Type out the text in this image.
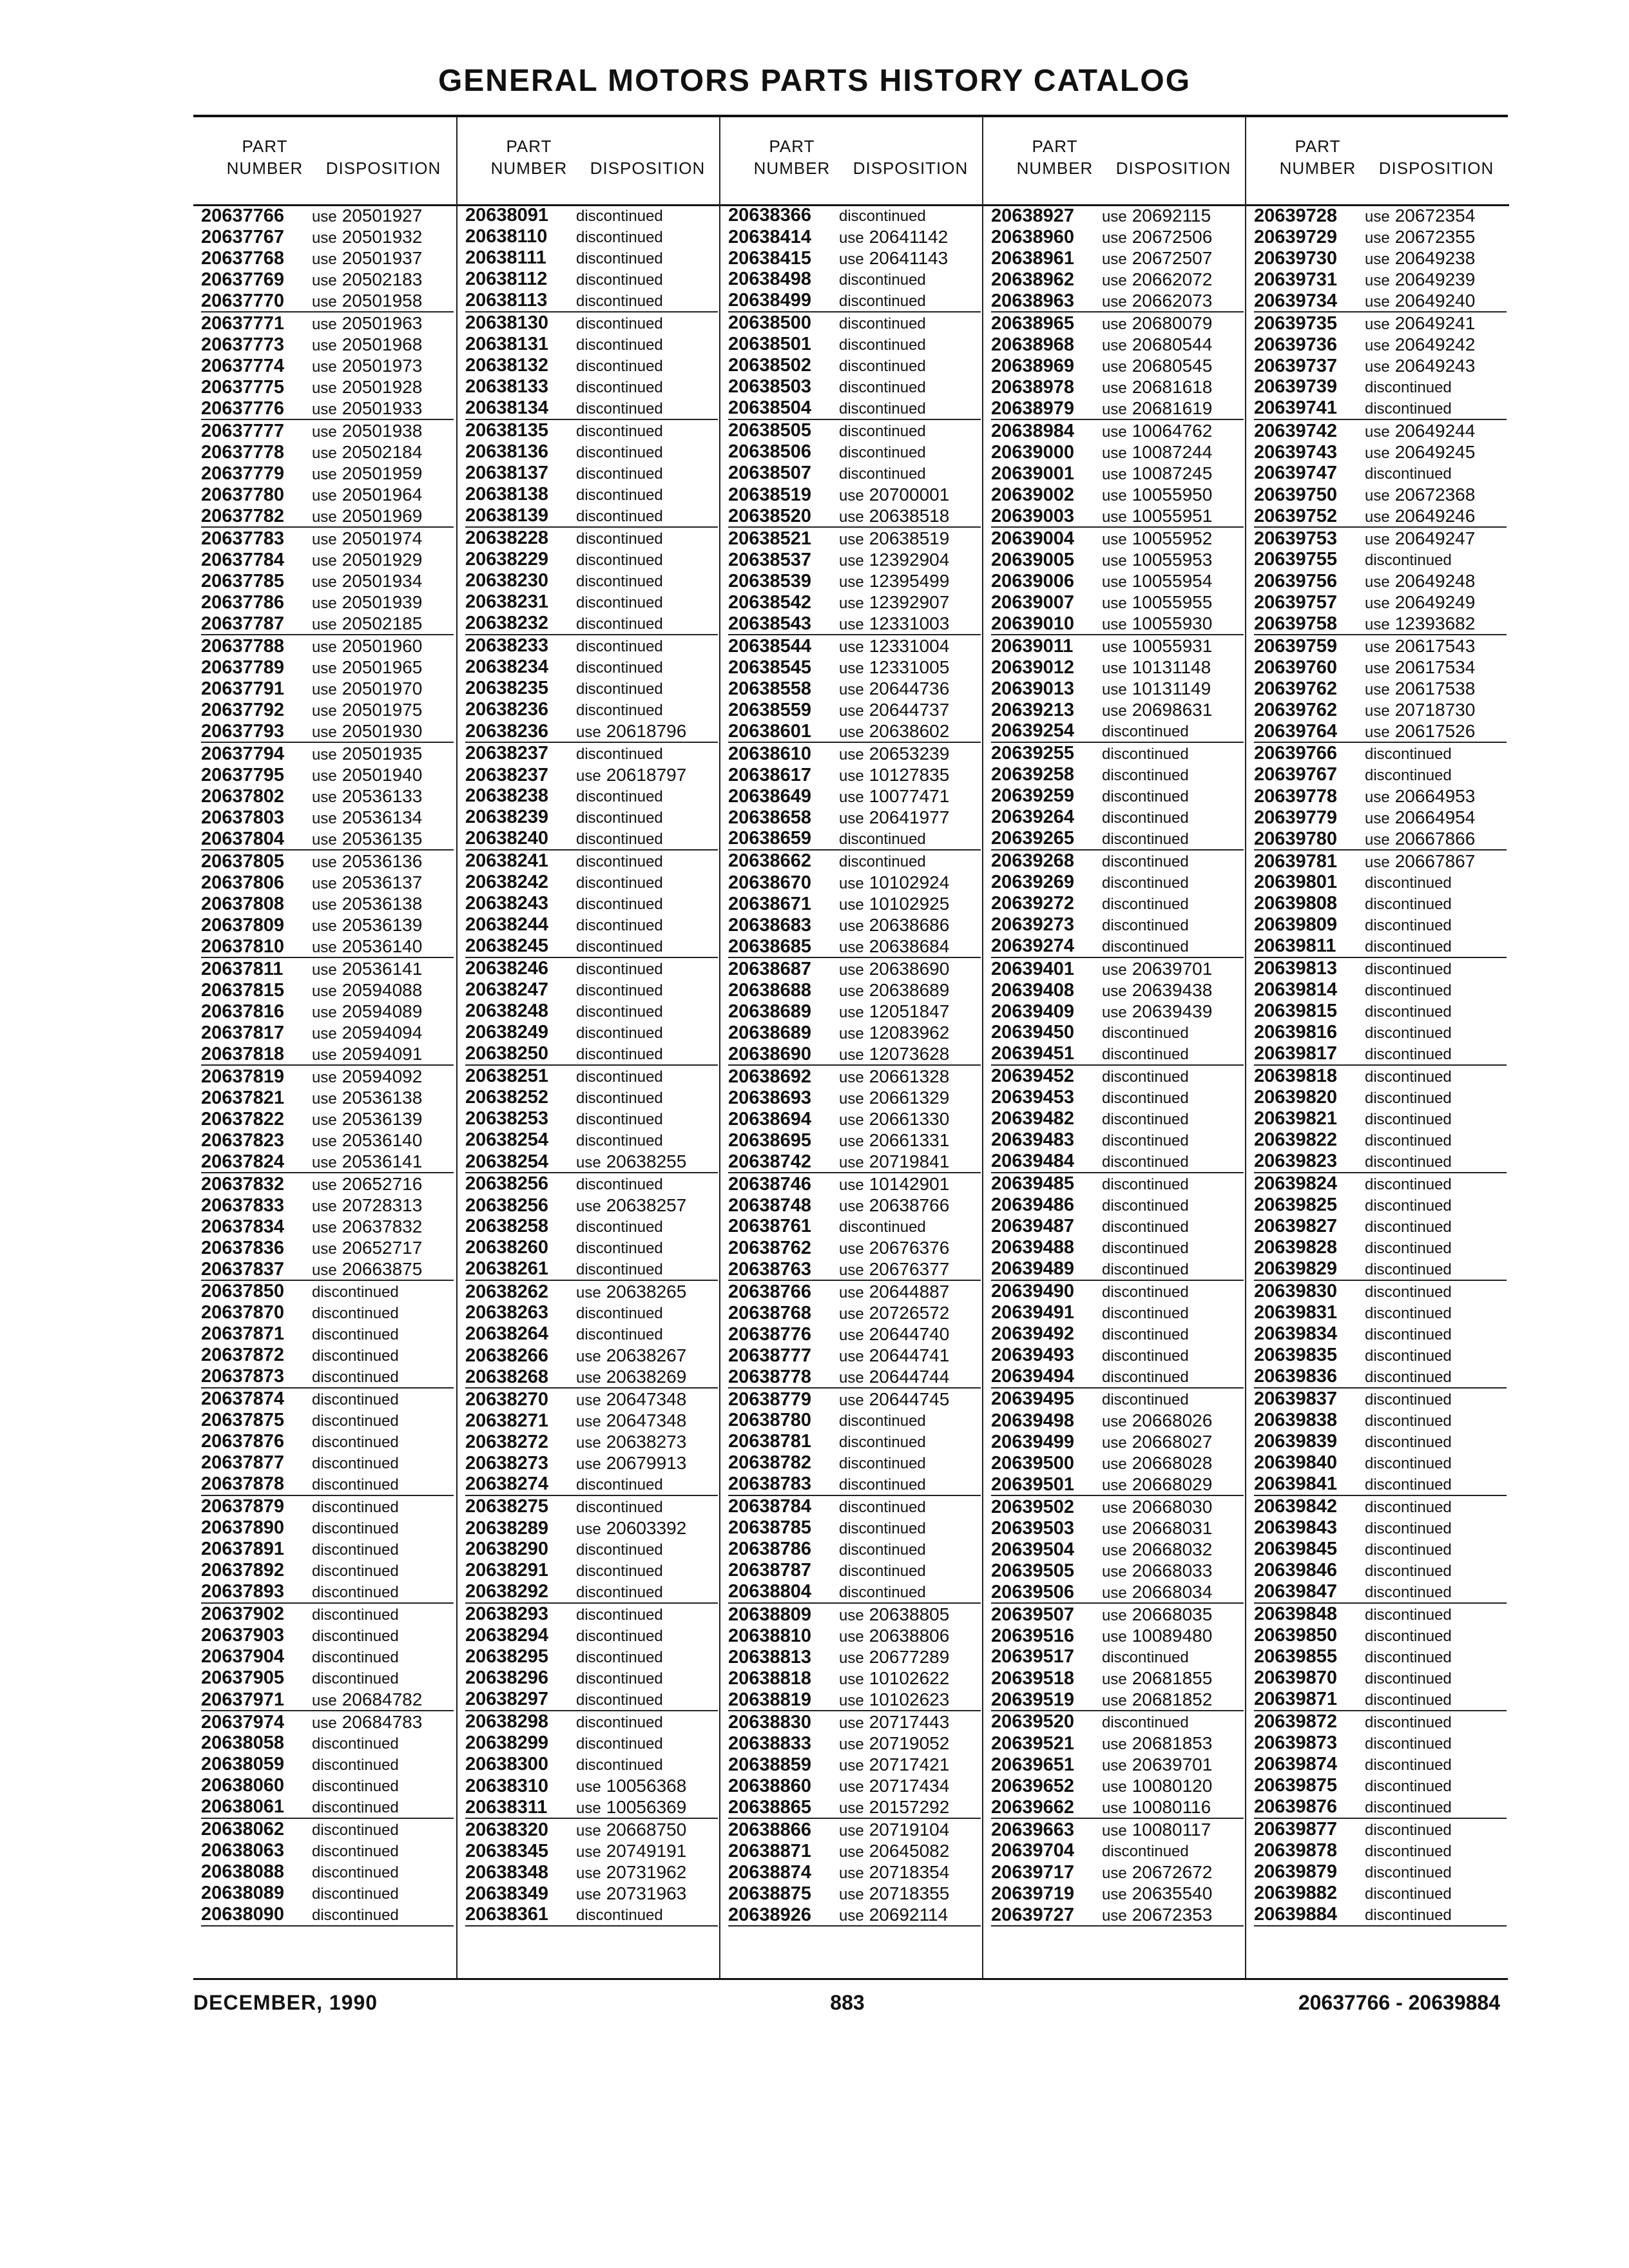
GENERAL MOTORS PARTS HISTORY CATALOG
PART
NUMBER	DISPOSITION
20637766 use 20501927
20637767 use 20501932
20637768 use 20501937
20637769 use 20502183
20637770 use 20501958
20637771 use 20501963
20637773 use 20501968
20637774 use 20501973
20637775 use 20501928
20637776 use 20501933
20637777 use 20501938
20637778 use 20502184
20637779 use 20501959
20637780 use 20501964
20637782 use 20501969
20637783 use 20501974
20637784 use 20501929
20637785 use 20501934
20637786 use 20501939
20637787 use 20502185
20637788 use 20501960
20637789 use 20501965
20637791 use 20501970
20637792 use 20501975
20637793 use 20501930
20637794 use 20501935
20637795 use 20501940
20637802 use 20536133
20637803 use 20536134
20637804 use 20536135
20637805 use 20536136
20637806 use 20536137
20637808 use 20536138
20637809 use 20536139
20637810 use 20536140
20637811 use 20536141
20637815 use 20594088
20637816 use 20594089
20637817 use 20594094
20637818 use 20594091
20637819 use 20594092
20637821 use 20536138
20637822 use 20536139
20637823 use 20536140
20637824 use 20536141
20637832 use 20652716
20637833 use 20728313
20637834 use 20637832
20637836 use 20652717
20637837 use 20663875
20637850 discontinued
20637870 discontinued
20637871 discontinued
20637872 discontinued
20637873 discontinued
20637874 discontinued
20637875 discontinued
20637876 discontinued
20637877 discontinued
20637878 discontinued
20637879 discontinued
20637890 discontinued
20637891 discontinued
20637892 discontinued
20637893 discontinued
20637902 discontinued
20637903 discontinued
20637904 discontinued
20637905 discontinued
20637971 use 20684782
20637974 use 20684783
20638058 discontinued
20638059 discontinued
20638060 discontinued
20638061 discontinued
20638062 discontinued
20638063 discontinued
20638088 discontinued
20638089 discontinued
20638090 discontinued
PART
NUMBER	DISPOSITION
20638091 discontinued
20638110 discontinued
20638111 discontinued
20638112 discontinued
20638113 discontinued
20638130 discontinued
20638131 discontinued
20638132 discontinued
20638133 discontinued
20638134 discontinued
20638135 discontinued
20638136 discontinued
20638137 discontinued
20638138 discontinued
20638139 discontinued
20638228 discontinued
20638229 discontinued
20638230 discontinued
20638231 discontinued
20638232 discontinued
20638233 discontinued
20638234 discontinued
20638235 discontinued
20638236 discontinued
20638236 use 20618796
20638237 discontinued
20638237 use 20618797
20638238 discontinued
20638239 discontinued
20638240 discontinued
20638241 discontinued
20638242 discontinued
20638243 discontinued
20638244 discontinued
20638245 discontinued
20638246 discontinued
20638247 discontinued
20638248 discontinued
20638249 discontinued
20638250 discontinued
20638251 discontinued
20638252 discontinued
20638253 discontinued
20638254 discontinued
20638254 use 20638255
20638256 discontinued
20638256 use 20638257
20638258 discontinued
20638260 discontinued
20638261 discontinued
20638262 use 20638265
20638263 discontinued
20638264 discontinued
20638266 use 20638267
20638268 use 20638269
20638270 use 20647348
20638271 use 20647348
20638272 use 20638273
20638273 use 20679913
20638274 discontinued
20638275 discontinued
20638289 use 20603392
20638290 discontinued
20638291 discontinued
20638292 discontinued
20638293 discontinued
20638294 discontinued
20638295 discontinued
20638296 discontinued
20638297 discontinued
20638298 discontinued
20638299 discontinued
20638300 discontinued
20638310 use 10056368
20638311 use 10056369
20638320 use 20668750
20638345 use 20749191
20638348 use 20731962
20638349 use 20731963
20638361 discontinued
PART
NUMBER	DISPOSITION
20638366 discontinued
20638414 use 20641142
20638415 use 20641143
20638498 discontinued
20638499 discontinued
20638500 discontinued
20638501 discontinued
20638502 discontinued
20638503 discontinued
20638504 discontinued
20638505 discontinued
20638506 discontinued
20638507 discontinued
20638519 use 20700001
20638520 use 20638518
20638521 use 20638519
20638537 use 12392904
20638539 use 12395499
20638542 use 12392907
20638543 use 12331003
20638544 use 12331004
20638545 use 12331005
20638558 use 20644736
20638559 use 20644737
20638601 use 20638602
20638610 use 20653239
20638617 use 10127835
20638649 use 10077471
20638658 use 20641977
20638659 discontinued
20638662 discontinued
20638670 use 10102924
20638671 use 10102925
20638683 use 20638686
20638685 use 20638684
20638687 use 20638690
20638688 use 20638689
20638689 use 12051847
20638689 use 12083962
20638690 use 12073628
20638692 use 20661328
20638693 use 20661329
20638694 use 20661330
20638695 use 20661331
20638742 use 20719841
20638746 use 10142901
20638748 use 20638766
20638761 discontinued
20638762 use 20676376
20638763 use 20676377
20638766 use 20644887
20638768 use 20726572
20638776 use 20644740
20638777 use 20644741
20638778 use 20644744
20638779 use 20644745
20638780 discontinued
20638781 discontinued
20638782 discontinued
20638783 discontinued
20638784 discontinued
20638785 discontinued
20638786 discontinued
20638787 discontinued
20638804 discontinued
20638809 use 20638805
20638810 use 20638806
20638813 use 20677289
20638818 use 10102622
20638819 use 10102623
20638830 use 20717443
20638833 use 20719052
20638859 use 20717421
20638860 use 20717434
20638865 use 20157292
20638866 use 20719104
20638871 use 20645082
20638874 use 20718354
20638875 use 20718355
20638926 use 20692114
PART
NUMBER	DISPOSITION
20638927 use 20692115
20638960 use 20672506
20638961 use 20672507
20638962 use 20662072
20638963 use 20662073
20638965 use 20680079
20638968 use 20680544
20638969 use 20680545
20638978 use 20681618
20638979 use 20681619
20638984 use 10064762
20639000 use 10087244
20639001 use 10087245
20639002 use 10055950
20639003 use 10055951
20639004 use 10055952
20639005 use 10055953
20639006 use 10055954
20639007 use 10055955
20639010 use 10055930
20639011 use 10055931
20639012 use 10131148
20639013 use 10131149
20639213 use 20698631
20639254 discontinued
20639255 discontinued
20639258 discontinued
20639259 discontinued
20639264 discontinued
20639265 discontinued
20639268 discontinued
20639269 discontinued
20639272 discontinued
20639273 discontinued
20639274 discontinued
20639401 use 20639701
20639408 use 20639438
20639409 use 20639439
20639450 discontinued
20639451 discontinued
20639452 discontinued
20639453 discontinued
20639482 discontinued
20639483 discontinued
20639484 discontinued
20639485 discontinued
20639486 discontinued
20639487 discontinued
20639488 discontinued
20639489 discontinued
20639490 discontinued
20639491 discontinued
20639492 discontinued
20639493 discontinued
20639494 discontinued
20639495 discontinued
20639498 use 20668026
20639499 use 20668027
20639500 use 20668028
20639501 use 20668029
20639502 use 20668030
20639503 use 20668031
20639504 use 20668032
20639505 use 20668033
20639506 use 20668034
20639507 use 20668035
20639516 use 10089480
20639517 discontinued
20639518 use 20681855
20639519 use 20681852
20639520 discontinued
20639521 use 20681853
20639651 use 20639701
20639652 use 10080120
20639662 use 10080116
20639663 use 10080117
20639704 discontinued
20639717 use 20672672
20639719 use 20635540
20639727 use 20672353
PART
NUMBER	DISPOSITION
20639728 use 20672354
20639729 use 20672355
20639730 use 20649238
20639731 use 20649239
20639734 use 20649240
20639735 use 20649241
20639736 use 20649242
20639737 use 20649243
20639739 discontinued
20639741 discontinued
20639742 use 20649244
20639743 use 20649245
20639747 discontinued
20639750 use 20672368
20639752 use 20649246
20639753 use 20649247
20639755 discontinued
20639756 use 20649248
20639757 use 20649249
20639758 use 12393682
20639759 use 20617543
20639760 use 20617534
20639762 use 20617538
20639762 use 20718730
20639764 use 20617526
20639766 discontinued
20639767 discontinued
20639778 use 20664953
20639779 use 20664954
20639780 use 20667866
20639781 use 20667867
20639801 discontinued
20639808 discontinued
20639809 discontinued
20639811 discontinued
20639813 discontinued
20639814 discontinued
20639815 discontinued
20639816 discontinued
20639817 discontinued
20639818 discontinued
20639820 discontinued
20639821 discontinued
20639822 discontinued
20639823 discontinued
20639824 discontinued
20639825 discontinued
20639827 discontinued
20639828 discontinued
20639829 discontinued
20639830 discontinued
20639831 discontinued
20639834 discontinued
20639835 discontinued
20639836 discontinued
20639837 discontinued
20639838 discontinued
20639839 discontinued
20639840 discontinued
20639841 discontinued
20639842 discontinued
20639843 discontinued
20639845 discontinued
20639846 discontinued
20639847 discontinued
20639848 discontinued
20639850 discontinued
20639855 discontinued
20639870 discontinued
20639871 discontinued
20639872 discontinued
20639873 discontinued
20639874 discontinued
20639875 discontinued
20639876 discontinued
20639877 discontinued
20639878 discontinued
20639879 discontinued
20639882 discontinued
20639884 discontinued
DECEMBER, 1990	883	20637766 - 20639884
